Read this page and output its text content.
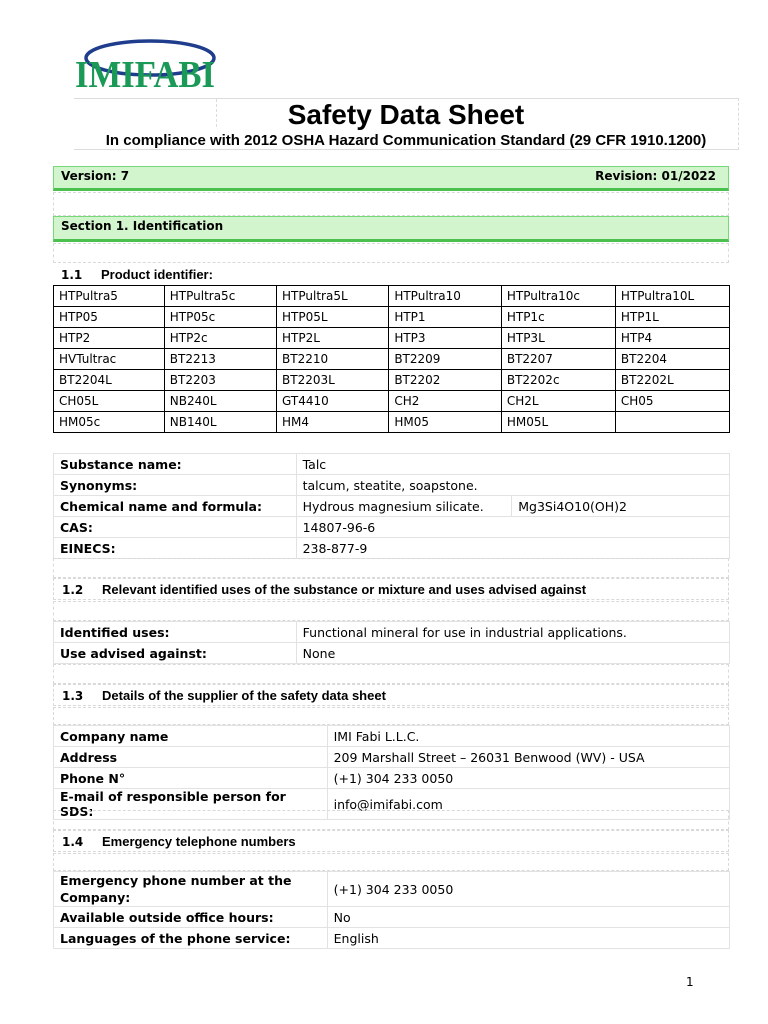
IMIFABI
Safety Data Sheet
In compliance with 2012 OSHA Hazard Communication Standard (29 CFR 1910.1200)
Version: 7	Revision: 01/2022
Section 1. Identification
1.1 Product identifier:
HTPultra5	HTPultra5c	HTPultra5L	HTPultra10	HTPultra10c	HTPultra10L
HTP05	HTP05c	HTP05L	HTP1	HTP1c	HTP1L
HTP2	HTP2c	HTP2L	HTP3	HTP3L	HTP4
HVTultrac	BT2213	BT2210	BT2209	BT2207	BT2204
BT2204L	BT2203	BT2203L	BT2202	BT2202c	BT2202L
CH05L	NB240L	GT4410	CH2	CH2L	CH05
HM05c	NB140L	HM4	HM05	HM05L	
Substance name:	Talc	
Synonyms:	talcum, steatite, soapstone.	
Chemical name and formula:	Hydrous magnesium silicate.	Mg3Si4O10(OH)2
CAS:	14807-96-6	
EINECS:	238-877-9	
1.2 Relevant identified uses of the substance or mixture and uses advised against
Identified uses:	Functional mineral for use in industrial applications.
Use advised against:	None
1.3 Details of the supplier of the safety data sheet
Company name	IMI Fabi L.L.C.
Address	209 Marshall Street – 26031 Benwood (WV) - USA
Phone N°	(+1) 304 233 0050
E-mail of responsible person for SDS:	info@imifabi.com
1.4 Emergency telephone numbers
Emergency phone number at the Company:	(+1) 304 233 0050
Available outside office hours:	No
Languages of the phone service:	English
1
